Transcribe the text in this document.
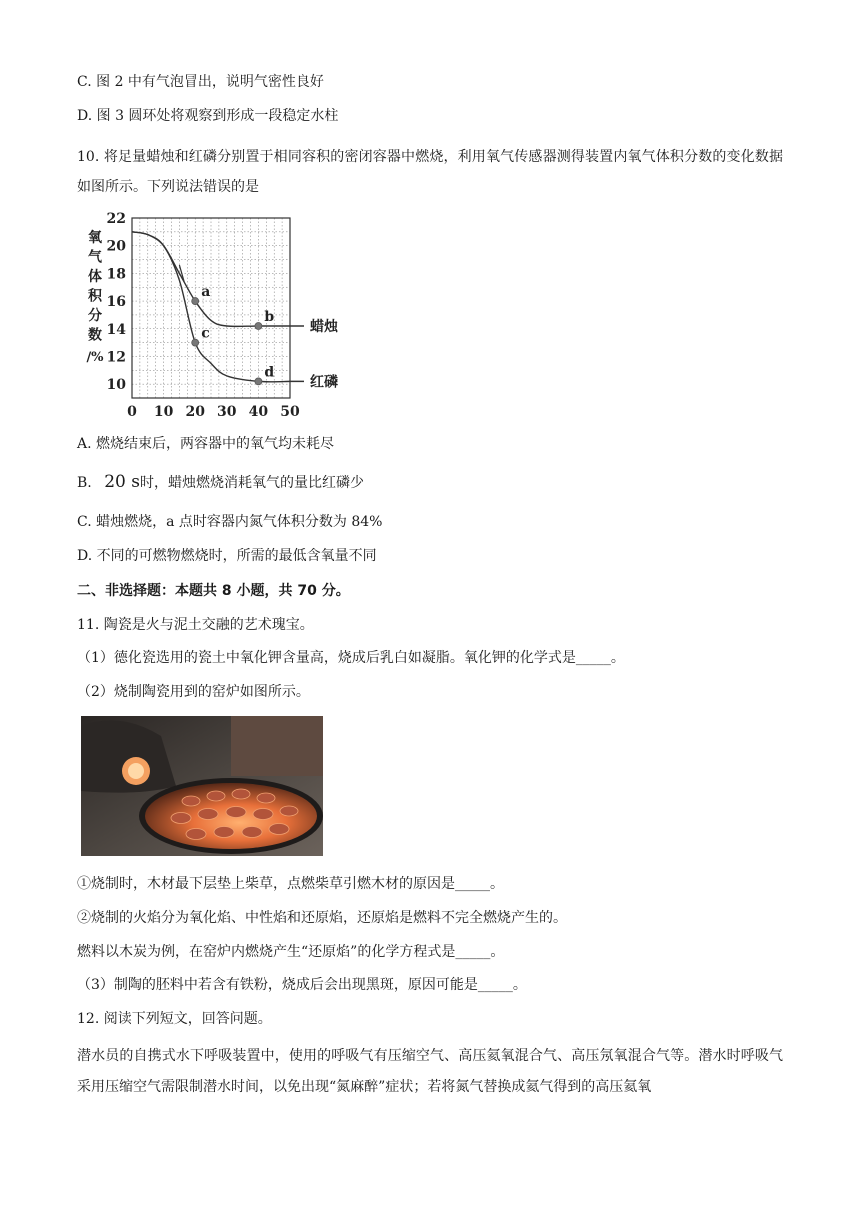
C. 图 2 中有气泡冒出，说明气密性良好
D. 图 3 圆环处将观察到形成一段稳定水柱
10. 将足量蜡烛和红磷分别置于相同容积的密闭容器中燃烧，利用氧气传感器测得装置内氧气体积分数的变化数据如图所示。下列说法错误的是
22
20
18
16
14
12
10
0 10 20 30 40 50
氧
气
体
积
分
数
/%
a
b
c
d
蜡烛
红磷
A. 燃烧结束后，两容器中的氧气均未耗尽
B. 20 s时，蜡烛燃烧消耗氧气的量比红磷少
C. 蜡烛燃烧，a 点时容器内氮气体积分数为 84%
D. 不同的可燃物燃烧时，所需的最低含氧量不同
二、非选择题：本题共 8 小题，共 70 分。
11. 陶瓷是火与泥土交融的艺术瑰宝。
（1）德化瓷选用的瓷土中氧化钾含量高，烧成后乳白如凝脂。氧化钾的化学式是_____。
（2）烧制陶瓷用到的窑炉如图所示。
①烧制时，木材最下层垫上柴草，点燃柴草引燃木材的原因是_____。
②烧制的火焰分为氧化焰、中性焰和还原焰，还原焰是燃料不完全燃烧产生的。
燃料以木炭为例，在窑炉内燃烧产生“还原焰”的化学方程式是_____。
（3）制陶的胚料中若含有铁粉，烧成后会出现黑斑，原因可能是_____。
12. 阅读下列短文，回答问题。
潜水员的自携式水下呼吸装置中，使用的呼吸气有压缩空气、高压氦氧混合气、高压氖氧混合气等。潜水时呼吸气采用压缩空气需限制潜水时间，以免出现“氮麻醉”症状；若将氮气替换成氦气得到的高压氦氧
